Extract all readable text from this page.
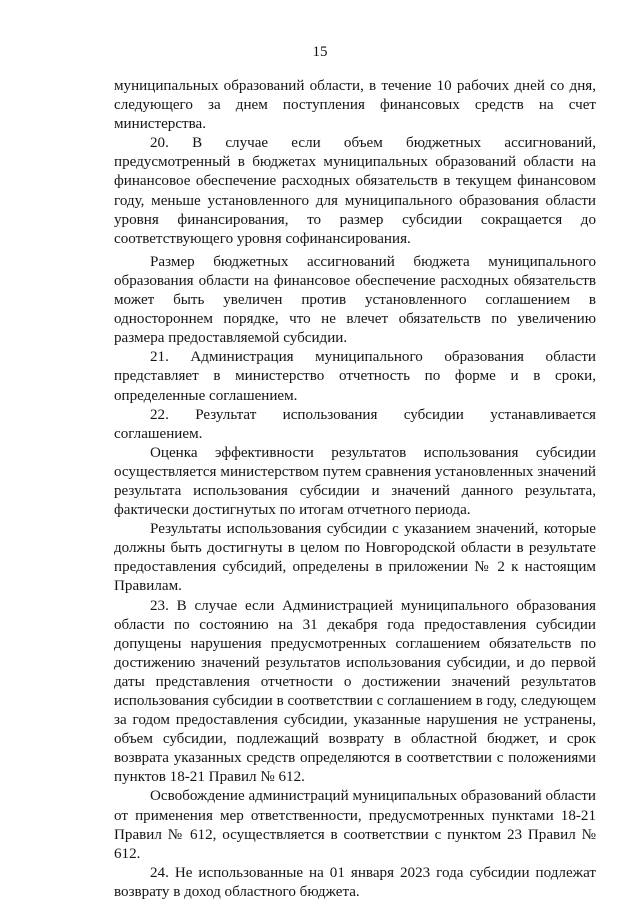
15

муниципальных образований области, в течение 10 рабочих дней со дня, следующего за днем поступления финансовых средств на счет министерства.

20. В случае если объем бюджетных ассигнований, предусмотренный в бюджетах муниципальных образований области на финансовое обеспечение расходных обязательств в текущем финансовом году, меньше установленного для муниципального образования области уровня финансирования, то размер субсидии сокращается до соответствующего уровня софинансирования.

Размер бюджетных ассигнований бюджета муниципального образования области на финансовое обеспечение расходных обязательств может быть увеличен против установленного соглашением в одностороннем порядке, что не влечет обязательств по увеличению размера предоставляемой субсидии.

21. Администрация муниципального образования области представляет в министерство отчетность по форме и в сроки, определенные соглашением.

22. Результат использования субсидии устанавливается соглашением.

Оценка эффективности результатов использования субсидии осуществляется министерством путем сравнения установленных значений результата использования субсидии и значений данного результата, фактически достигнутых по итогам отчетного периода.

Результаты использования субсидии с указанием значений, которые должны быть достигнуты в целом по Новгородской области в результате предоставления субсидий, определены в приложении № 2 к настоящим Правилам.

23. В случае если Администрацией муниципального образования области по состоянию на 31 декабря года предоставления субсидии допущены нарушения предусмотренных соглашением обязательств по достижению значений результатов использования субсидии, и до первой даты представления отчетности о достижении значений результатов использования субсидии в соответствии с соглашением в году, следующем за годом предоставления субсидии, указанные нарушения не устранены, объем субсидии, подлежащий возврату в областной бюджет, и срок возврата указанных средств определяются в соответствии с положениями пунктов 18-21 Правил № 612.

Освобождение администраций муниципальных образований области от применения мер ответственности, предусмотренных пунктами 18-21 Правил № 612, осуществляется в соответствии с пунктом 23 Правил № 612.

24. Не использованные на 01 января 2023 года субсидии подлежат возврату в доход областного бюджета.
